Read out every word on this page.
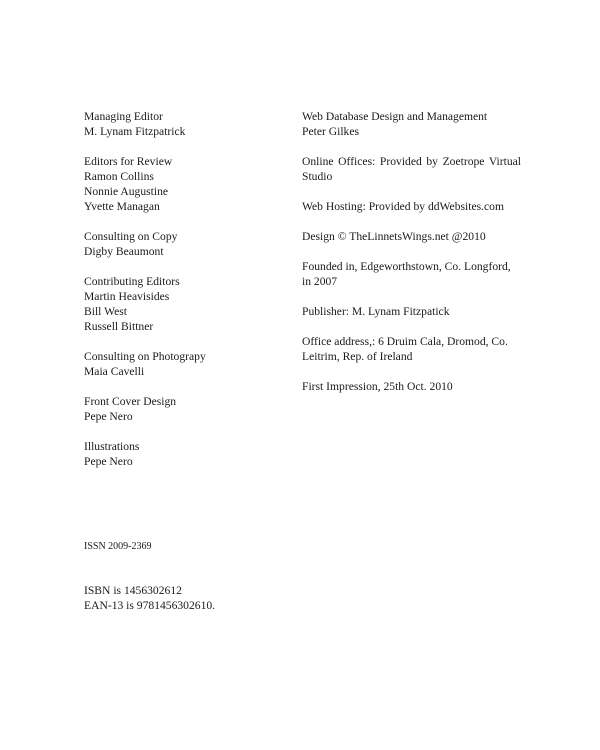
Managing Editor
M. Lynam Fitzpatrick
Editors for Review
Ramon Collins
Nonnie Augustine
Yvette Managan
Consulting on Copy
Digby Beaumont
Contributing Editors
Martin Heavisides
Bill West
Russell Bittner
Consulting on Photograpy
Maia Cavelli
Front Cover Design
Pepe Nero
Illustrations
Pepe Nero
Web Database Design and Management
Peter Gilkes
Online Offices: Provided by Zoetrope Virtual Studio
Web Hosting: Provided by ddWebsites.com
Design © TheLinnetsWings.net @2010
Founded in, Edgeworthstown, Co. Longford, in 2007
Publisher: M. Lynam Fitzpatick
Office address,: 6 Druim Cala, Dromod, Co. Leitrim, Rep. of Ireland
First Impression, 25th Oct. 2010
ISSN 2009-2369
ISBN is 1456302612
EAN-13 is 9781456302610.
